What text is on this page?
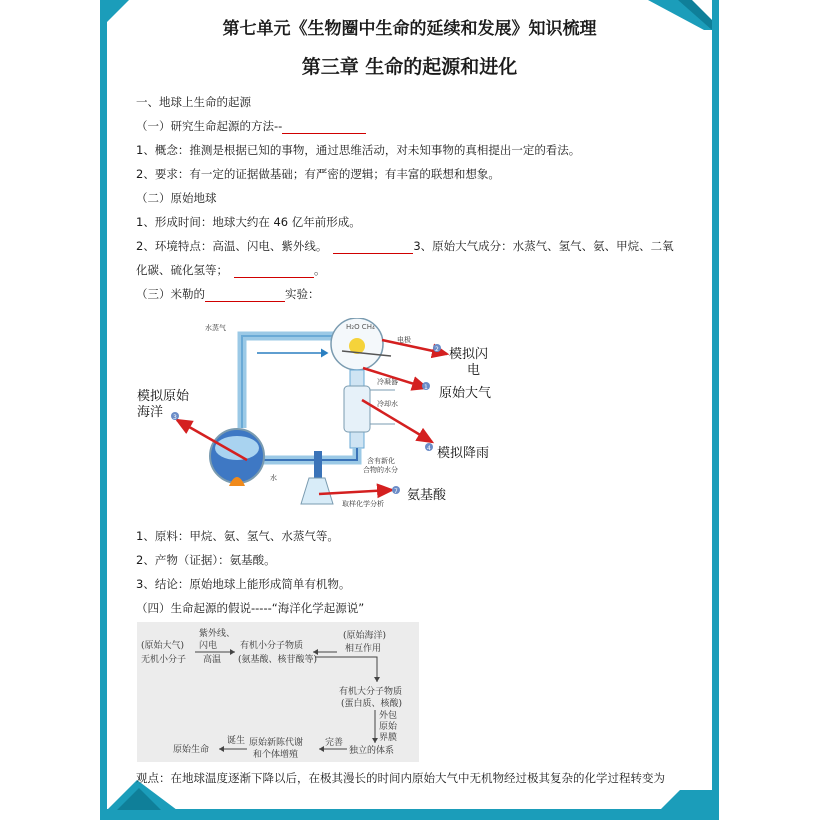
第七单元《生物圈中生命的延续和发展》知识梳理
第三章 生命的起源和进化
一、地球上生命的起源
（一）研究生命起源的方法--
1、概念：推测是根据已知的事物，通过思维活动，对未知事物的真相提出一定的看法。
2、要求：有一定的证据做基础；有严密的逻辑；有丰富的联想和想象。
（二）原始地球
1、形成时间：地球大约在 46 亿年前形成。
2、环境特点：高温、闪电、紫外线。	3、原始大气成分：水蒸气、氢气、氨、甲烷、二氧
化碳、硫化氢等；	。
（三）米勒的	实验：
H₂O CH₄
电极
冷凝器
冷却水
含有新化
合物的水分
水
水蒸气
取样化学分析
2
1
3
4
7
模拟闪
电
原始大气
模拟原始
海洋
模拟降雨
氨基酸
1、原料：甲烷、氨、氢气、水蒸气等。
2、产物（证据）：氨基酸。
3、结论：原始地球上能形成简单有机物。
（四）生命起源的假说-----“海洋化学起源说”
(原始大气)
无机小分子
紫外线、
闪电
高温
有机小分子物质
(氨基酸、核苷酸等)
(原始海洋)
相互作用
有机大分子物质
(蛋白质、核酸)
外包
原始
界膜
独立的体系
完善
原始新陈代谢
和个体增殖
诞生
原始生命
观点：在地球温度逐渐下降以后，在极其漫长的时间内原始大气中无机物经过极其复杂的化学过程转变为
